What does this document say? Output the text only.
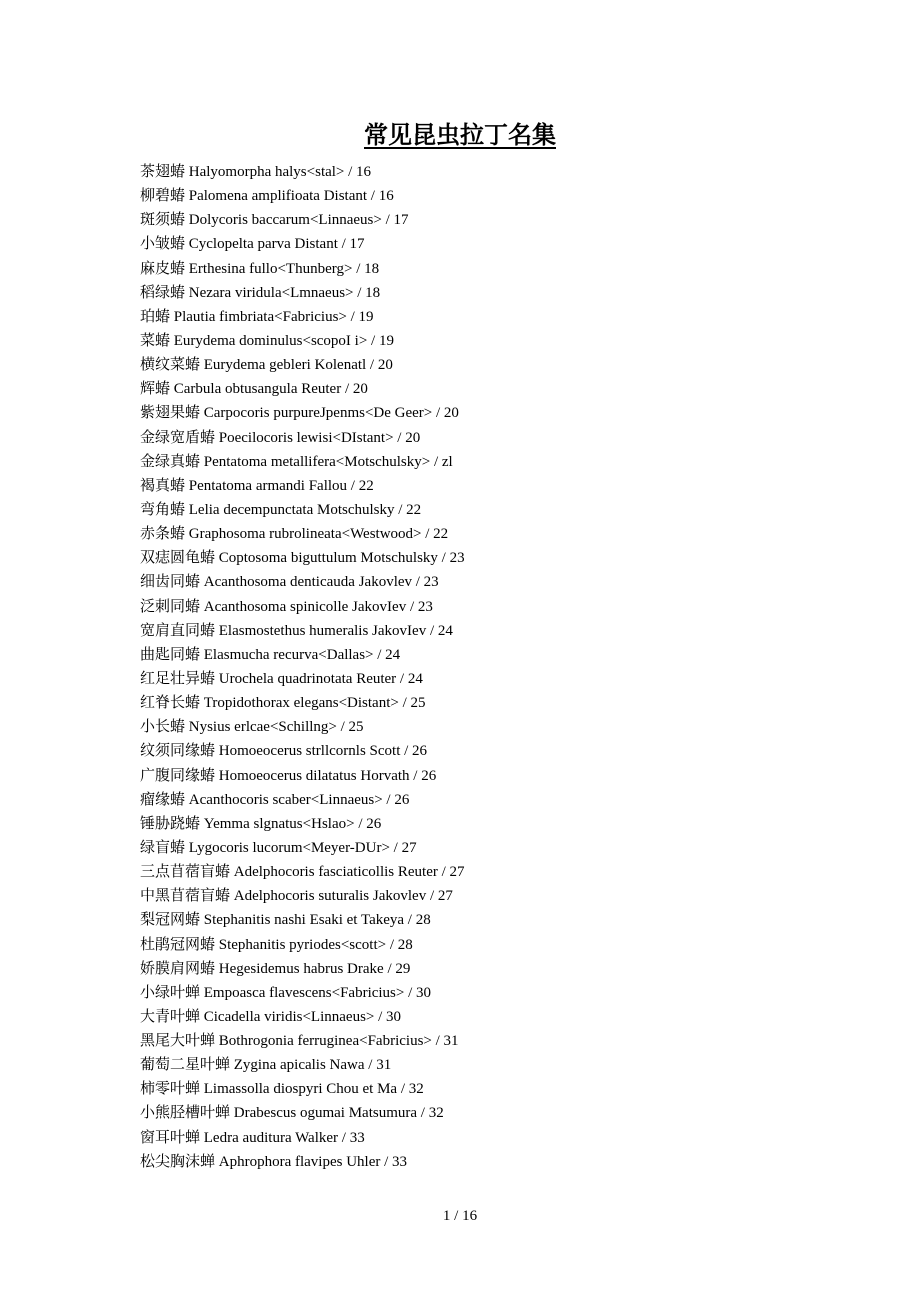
常见昆虫拉丁名集
茶翅蝽 Halyomorpha halys<stal> / 16
柳碧蝽 Palomena amplifioata Distant / 16
斑须蝽 Dolycoris baccarum<Linnaeus> / 17
小皱蝽 Cyclopelta parva Distant / 17
麻皮蝽 Erthesina fullo<Thunberg> / 18
稻绿蝽 Nezara viridula<Lmnaeus> / 18
珀蝽 Plautia fimbriata<Fabricius> / 19
菜蝽 Eurydema dominulus<scopoI i> / 19
横纹菜蝽 Eurydema gebleri Kolenatl / 20
辉蝽 Carbula obtusangula Reuter / 20
紫翅果蝽 Carpocoris purpureJpenms<De Geer> / 20
金绿宽盾蝽 Poecilocoris lewisi<DIstant> / 20
金绿真蝽 Pentatoma metallifera<Motschulsky> / zl
褐真蝽 Pentatoma armandi Fallou / 22
弯角蝽 Lelia decempunctata Motschulsky / 22
赤条蝽 Graphosoma rubrolineata<Westwood> / 22
双痣圆龟蝽 Coptosoma biguttulum Motschulsky / 23
细齿同蝽 Acanthosoma denticauda Jakovlev / 23
泛刺同蝽 Acanthosoma spinicolle JakovIev / 23
宽肩直同蝽 Elasmostethus humeralis JakovIev / 24
曲匙同蝽 Elasmucha recurva<Dallas> / 24
红足壮异蝽 Urochela quadrinotata Reuter / 24
红脊长蝽 Tropidothorax elegans<Distant> / 25
小长蝽 Nysius erlcae<Schillng> / 25
纹须同缘蝽 Homoeocerus strllcornls Scott / 26
广腹同缘蝽 Homoeocerus dilatatus Horvath / 26
瘤缘蝽 Acanthocoris scaber<Linnaeus> / 26
锤胁跷蝽 Yemma slgnatus<Hslao> / 26
绿盲蝽 Lygocoris lucorum<Meyer-DUr> / 27
三点苜蓿盲蝽 Adelphocoris fasciaticollis Reuter / 27
中黑苜蓿盲蝽 Adelphocoris suturalis Jakovlev / 27
梨冠网蝽 Stephanitis nashi Esaki et Takeya / 28
杜鹃冠网蝽 Stephanitis pyriodes<scott> / 28
娇膜肩网蝽 Hegesidemus habrus Drake / 29
小绿叶蝉 Empoasca flavescens<Fabricius> / 30
大青叶蝉 Cicadella viridis<Linnaeus> / 30
黑尾大叶蝉 Bothrogonia ferruginea<Fabricius> / 31
葡萄二星叶蝉 Zygina apicalis Nawa / 31
柿零叶蝉 Limassolla diospyri Chou et Ma / 32
小熊胫槽叶蝉 Drabescus ogumai Matsumura / 32
窗耳叶蝉 Ledra auditura Walker / 33
松尖胸沫蝉 Aphrophora flavipes Uhler / 33
1 / 16
